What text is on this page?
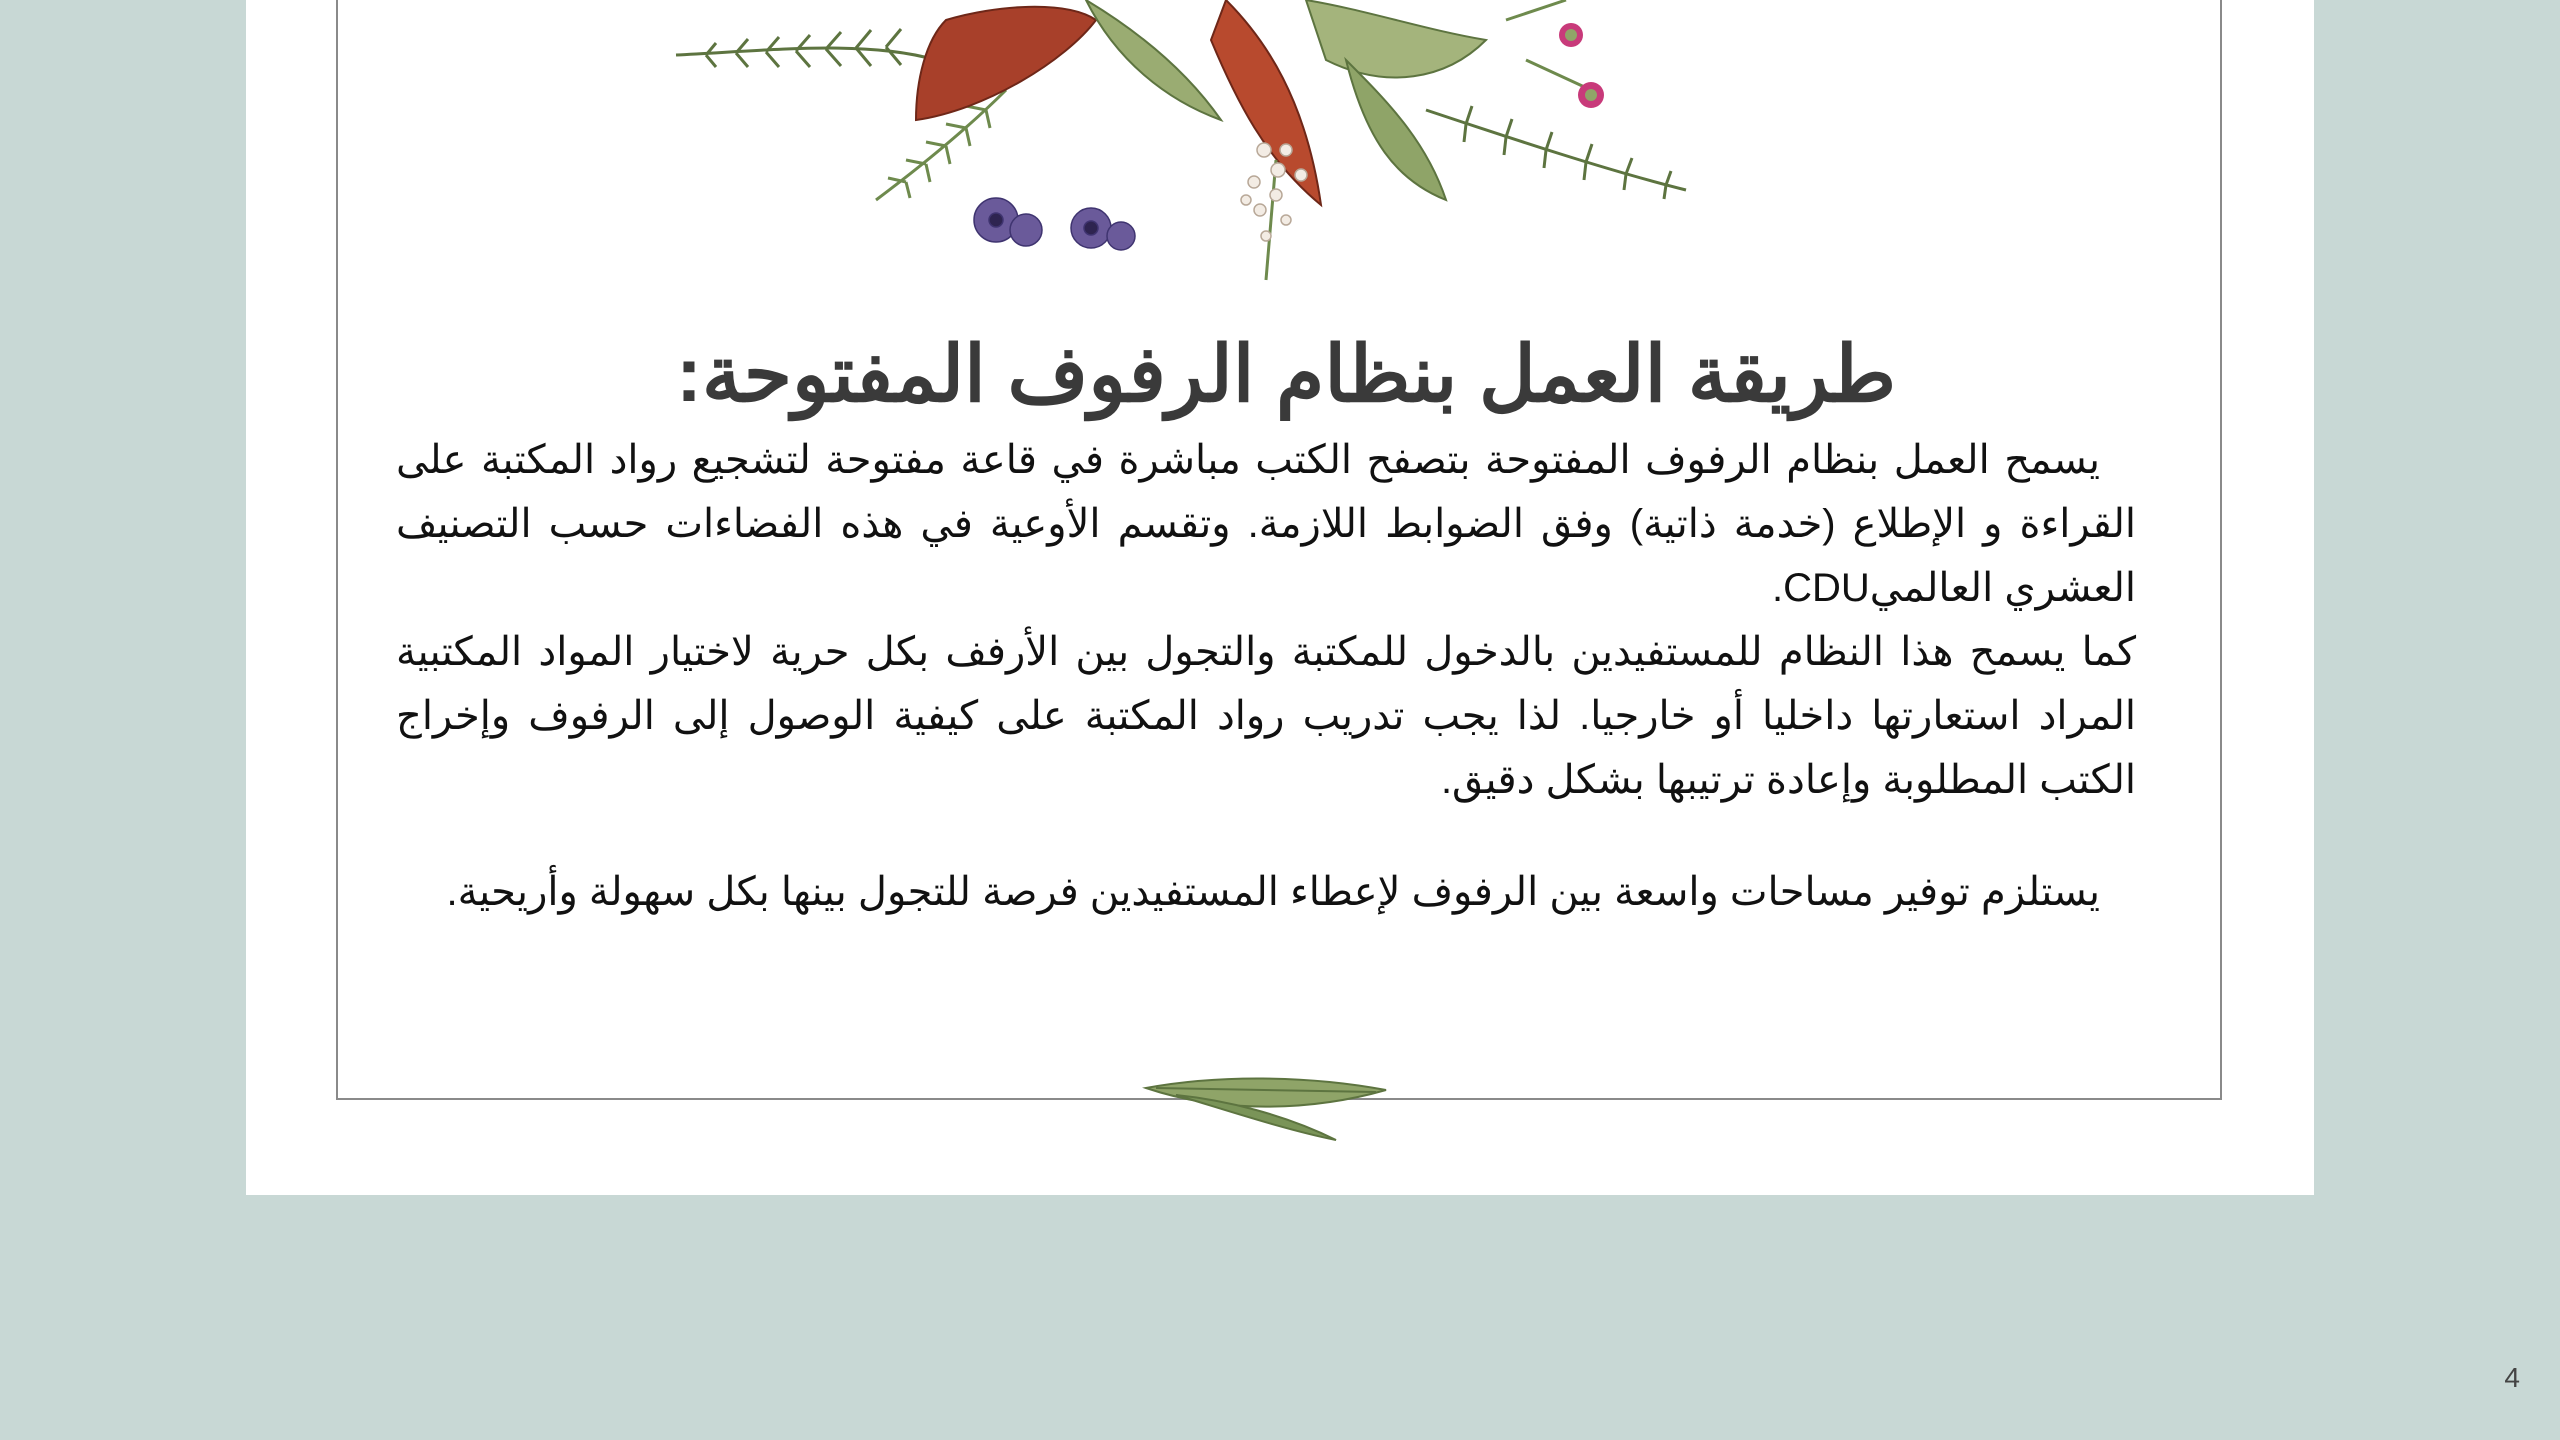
طريقة العمل بنظام الرفوف المفتوحة:

يسمح العمل بنظام الرفوف المفتوحة بتصفح الكتب مباشرة في قاعة مفتوحة لتشجيع رواد المكتبة على القراءة و الإطلاع (خدمة ذاتية) وفق الضوابط اللازمة. وتقسم الأوعية في هذه الفضاءات حسب التصنيف العشري العالميCDU.

كما يسمح هذا النظام للمستفيدين بالدخول للمكتبة والتجول بين الأرفف بكل حرية لاختيار المواد المكتبية المراد استعارتها داخليا أو خارجيا. لذا يجب تدريب رواد المكتبة على كيفية الوصول إلى الرفوف وإخراج الكتب المطلوبة وإعادة ترتيبها بشكل دقيق.

يستلزم توفير مساحات واسعة بين الرفوف لإعطاء المستفيدين فرصة للتجول بينها بكل سهولة وأريحية.

4
